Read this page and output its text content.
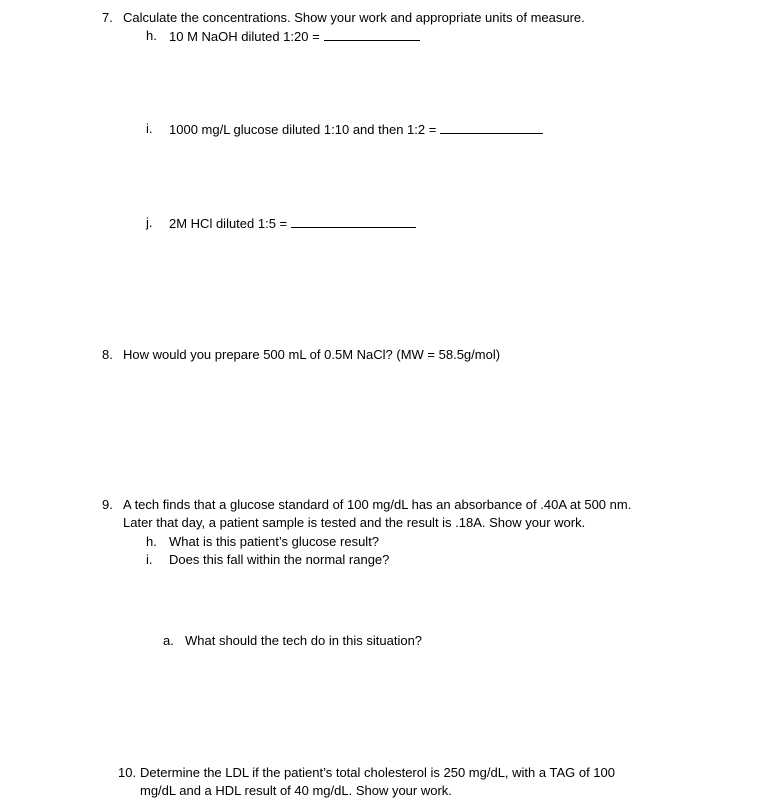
7. Calculate the concentrations. Show your work and appropriate units of measure.
h. 10 M NaOH diluted 1:20 =
i. 1000 mg/L glucose diluted 1:10 and then 1:2 =
j. 2M HCl diluted 1:5 =
8. How would you prepare 500 mL of 0.5M NaCl? (MW = 58.5g/mol)
9. A tech finds that a glucose standard of 100 mg/dL has an absorbance of .40A at 500 nm.
Later that day, a patient sample is tested and the result is .18A. Show your work.
h. What is this patient’s glucose result?
i. Does this fall within the normal range?
a. What should the tech do in this situation?
10. Determine the LDL if the patient’s total cholesterol is 250 mg/dL, with a TAG of 100
mg/dL and a HDL result of 40 mg/dL. Show your work.
